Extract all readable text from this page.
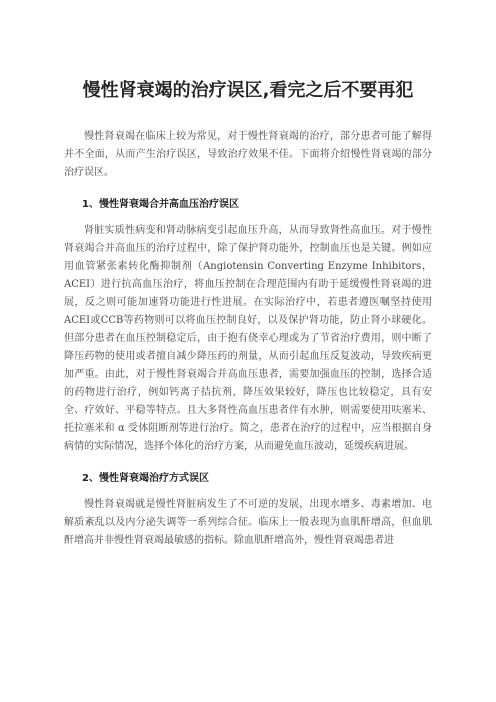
慢性肾衰竭的治疗误区,看完之后不要再犯

慢性肾衰竭在临床上较为常见，对于慢性肾衰竭的治疗，部分患者可能了解得并不全面，从而产生治疗误区，导致治疗效果不佳。下面将介绍慢性肾衰竭的部分治疗误区。

1、慢性肾衰竭合并高血压治疗误区

肾脏实质性病变和肾动脉病变引起血压升高，从而导致肾性高血压。对于慢性肾衰竭合并高血压的治疗过程中，除了保护肾功能外，控制血压也是关键。例如应用血管紧张素转化酶抑制剂（Angiotensin Converting Enzyme Inhibitors，ACEI）进行抗高血压治疗，将血压控制在合理范围内有助于延缓慢性肾衰竭的进展，反之则可能加速肾功能进行性进展。在实际治疗中，若患者遵医嘱坚持使用ACEI或CCB等药物则可以将血压控制良好，以及保护肾功能，防止肾小球硬化。但部分患者在血压控制稳定后，由于抱有侥幸心理或为了节省治疗费用，则中断了降压药物的使用或者擅自减少降压药的剂量，从而引起血压反复波动，导致疾病更加严重。由此，对于慢性肾衰竭合并高血压患者，需要加强血压的控制，选择合适的药物进行治疗，例如钙离子拮抗剂，降压效果较好，降压也比较稳定，具有安全、疗效好、平稳等特点。且大多肾性高血压患者伴有水肿，则需要使用呋塞米、托拉塞米和 α 受体阻断剂等进行治疗。简之，患者在治疗的过程中，应当根据自身病情的实际情况，选择个体化的治疗方案，从而避免血压波动，延缓疾病进展。

2、慢性肾衰竭治疗方式误区

慢性肾衰竭就是慢性肾脏病发生了不可逆的发展，出现水增多、毒素增加、电解质紊乱以及内分泌失调等一系列综合征。临床上一般表现为血肌酐增高，但血肌酐增高并非慢性肾衰竭最敏感的指标。除血肌酐增高外，慢性肾衰竭患者进
